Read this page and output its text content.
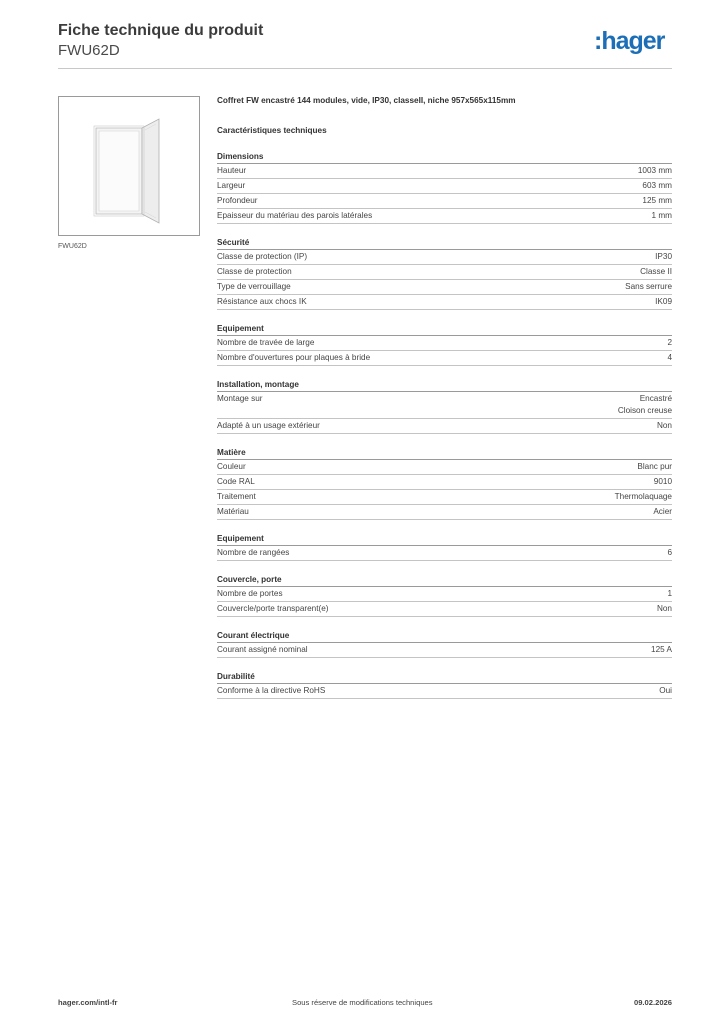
Fiche technique du produit
FWU62D	:hager
FWU62D
Coffret FW encastré 144 modules, vide, IP30, classeII, niche 957x565x115mm
Caractéristiques techniques
Dimensions
Hauteur	1003 mm
Largeur	603 mm
Profondeur	125 mm
Epaisseur du matériau des parois latérales	1 mm
Sécurité
Classe de protection (IP)	IP30
Classe de protection	Classe II
Type de verrouillage	Sans serrure
Résistance aux chocs IK	IK09
Equipement
Nombre de travée de large	2
Nombre d'ouvertures pour plaques à bride	4
Installation, montage
Montage sur	Encastré
Cloison creuse
Adapté à un usage extérieur	Non
Matière
Couleur	Blanc pur
Code RAL	9010
Traitement	Thermolaquage
Matériau	Acier
Equipement
Nombre de rangées	6
Couvercle, porte
Nombre de portes	1
Couvercle/porte transparent(e)	Non
Courant électrique
Courant assigné nominal	125 A
Durabilité
Conforme à la directive RoHS	Oui
hager.com/intl-fr	Sous réserve de modifications techniques	09.02.2026
